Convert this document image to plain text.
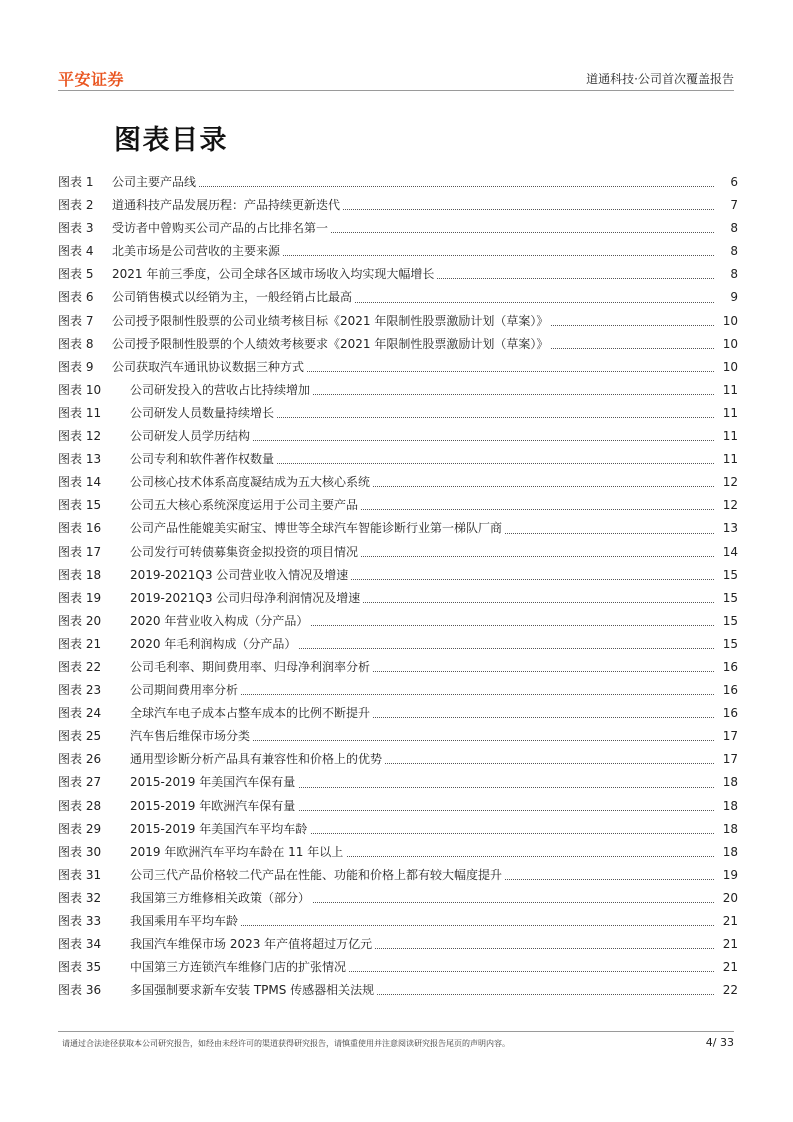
平安证券	道通科技·公司首次覆盖报告
图表目录
图表 1 公司主要产品线	6
图表 2 道通科技产品发展历程：产品持续更新迭代	7
图表 3 受访者中曾购买公司产品的占比排名第一	8
图表 4 北美市场是公司营收的主要来源	8
图表 5 2021 年前三季度，公司全球各区域市场收入均实现大幅增长	8
图表 6 公司销售模式以经销为主，一般经销占比最高	9
图表 7 公司授予限制性股票的公司业绩考核目标《2021 年限制性股票激励计划（草案）》	10
图表 8 公司授予限制性股票的个人绩效考核要求《2021 年限制性股票激励计划（草案）》	10
图表 9 公司获取汽车通讯协议数据三种方式	10
图表 10 公司研发投入的营收占比持续增加	11
图表 11 公司研发人员数量持续增长	11
图表 12 公司研发人员学历结构	11
图表 13 公司专利和软件著作权数量	11
图表 14 公司核心技术体系高度凝结成为五大核心系统	12
图表 15 公司五大核心系统深度运用于公司主要产品	12
图表 16 公司产品性能媲美实耐宝、博世等全球汽车智能诊断行业第一梯队厂商	13
图表 17 公司发行可转债募集资金拟投资的项目情况	14
图表 18 2019-2021Q3 公司营业收入情况及增速	15
图表 19 2019-2021Q3 公司归母净利润情况及增速	15
图表 20 2020 年营业收入构成（分产品）	15
图表 21 2020 年毛利润构成（分产品）	15
图表 22 公司毛利率、期间费用率、归母净利润率分析	16
图表 23 公司期间费用率分析	16
图表 24 全球汽车电子成本占整车成本的比例不断提升	16
图表 25 汽车售后维保市场分类	17
图表 26 通用型诊断分析产品具有兼容性和价格上的优势	17
图表 27 2015-2019 年美国汽车保有量	18
图表 28 2015-2019 年欧洲汽车保有量	18
图表 29 2015-2019 年美国汽车平均车龄	18
图表 30 2019 年欧洲汽车平均车龄在 11 年以上	18
图表 31 公司三代产品价格较二代产品在性能、功能和价格上都有较大幅度提升	19
图表 32 我国第三方维修相关政策（部分）	20
图表 33 我国乘用车平均车龄	21
图表 34 我国汽车维保市场 2023 年产值将超过万亿元	21
图表 35 中国第三方连锁汽车维修门店的扩张情况	21
图表 36 多国强制要求新车安装 TPMS 传感器相关法规	22
请通过合法途径获取本公司研究报告，如经由未经许可的渠道获得研究报告，请慎重使用并注意阅读研究报告尾页的声明内容。	4/ 33
